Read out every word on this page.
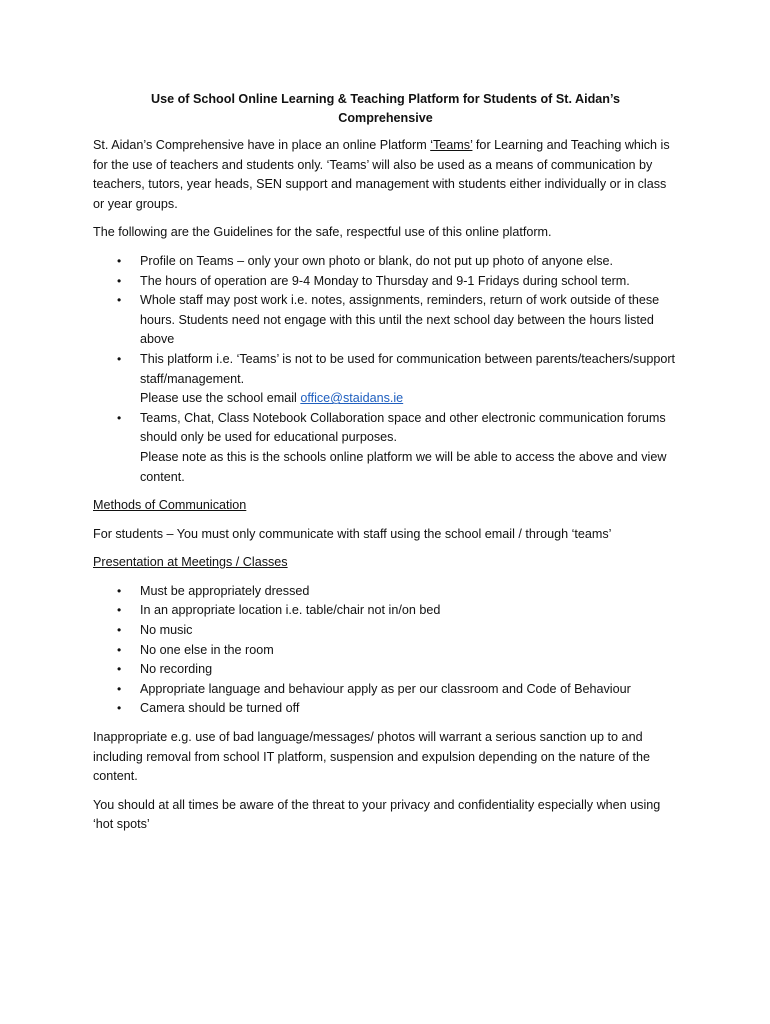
Use of School Online Learning & Teaching Platform for Students of St. Aidan’s Comprehensive

St. Aidan’s Comprehensive have in place an online Platform ‘Teams’ for Learning and Teaching which is for the use of teachers and students only. ‘Teams’ will also be used as a means of communication by teachers, tutors, year heads, SEN support and management with students either individually or in class or year groups.

The following are the Guidelines for the safe, respectful use of this online platform.

• Profile on Teams – only your own photo or blank, do not put up photo of anyone else.
• The hours of operation are 9-4 Monday to Thursday and 9-1 Fridays during school term.
• Whole staff may post work i.e. notes, assignments, reminders, return of work outside of these hours. Students need not engage with this until the next school day between the hours listed above
• This platform i.e. ‘Teams’ is not to be used for communication between parents/teachers/support staff/management.
Please use the school email office@staidans.ie
• Teams, Chat, Class Notebook Collaboration space and other electronic communication forums should only be used for educational purposes.
Please note as this is the schools online platform we will be able to access the above and view content.

Methods of Communication

For students – You must only communicate with staff using the school email / through ‘teams’

Presentation at Meetings / Classes

• Must be appropriately dressed
• In an appropriate location i.e. table/chair not in/on bed
• No music
• No one else in the room
• No recording
• Appropriate language and behaviour apply as per our classroom and Code of Behaviour
• Camera should be turned off

Inappropriate e.g. use of bad language/messages/ photos will warrant a serious sanction up to and including removal from school IT platform, suspension and expulsion depending on the nature of the content.

You should at all times be aware of the threat to your privacy and confidentiality especially when using ‘hot spots’
